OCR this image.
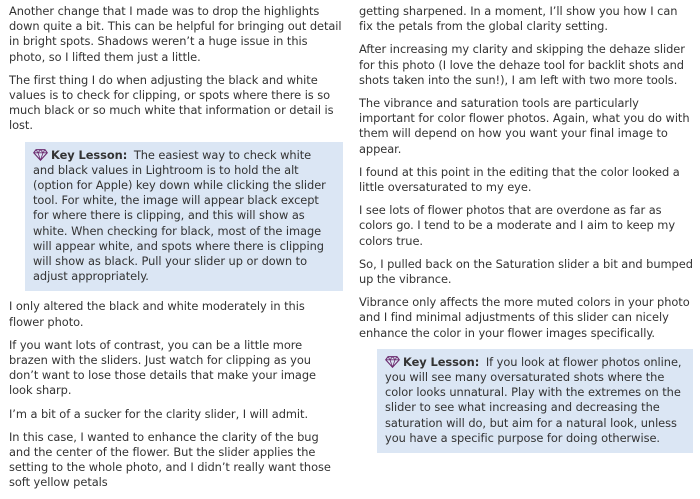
Another change that I made was to drop the highlights down quite a bit. This can be helpful for bringing out detail in bright spots. Shadows weren’t a huge issue in this photo, so I lifted them just a little.

The first thing I do when adjusting the black and white values is to check for clipping, or spots where there is so much black or so much white that information or detail is lost.

Key Lesson: The easiest way to check white and black values in Lightroom is to hold the alt (option for Apple) key down while clicking the slider tool. For white, the image will appear black except for where there is clipping, and this will show as white. When checking for black, most of the image will appear white, and spots where there is clipping will show as black. Pull your slider up or down to adjust appropriately.

I only altered the black and white moderately in this flower photo.

If you want lots of contrast, you can be a little more brazen with the sliders. Just watch for clipping as you don’t want to lose those details that make your image look sharp.

I’m a bit of a sucker for the clarity slider, I will admit.

In this case, I wanted to enhance the clarity of the bug and the center of the flower. But the slider applies the setting to the whole photo, and I didn’t really want those soft yellow petals

getting sharpened. In a moment, I’ll show you how I can fix the petals from the global clarity setting.

After increasing my clarity and skipping the dehaze slider for this photo (I love the dehaze tool for backlit shots and shots taken into the sun!), I am left with two more tools.

The vibrance and saturation tools are particularly important for color flower photos. Again, what you do with them will depend on how you want your final image to appear.

I found at this point in the editing that the color looked a little oversaturated to my eye.

I see lots of flower photos that are overdone as far as colors go. I tend to be a moderate and I aim to keep my colors true.

So, I pulled back on the Saturation slider a bit and bumped up the vibrance.

Vibrance only affects the more muted colors in your photo and I find minimal adjustments of this slider can nicely enhance the color in your flower images specifically.

Key Lesson: If you look at flower photos online, you will see many oversaturated shots where the color looks unnatural. Play with the extremes on the slider to see what increasing and decreasing the saturation will do, but aim for a natural look, unless you have a specific purpose for doing otherwise.
